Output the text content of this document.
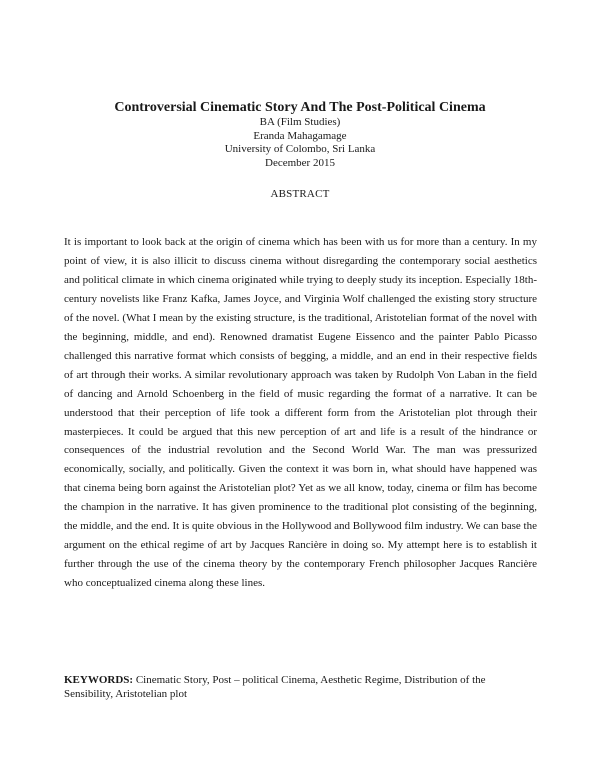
Controversial Cinematic Story And The Post-Political Cinema

BA (Film Studies)

Eranda Mahagamage

University of Colombo, Sri Lanka

December 2015

ABSTRACT

It is important to look back at the origin of cinema which has been with us for more than a century. In my point of view, it is also illicit to discuss cinema without disregarding the contemporary social aesthetics and political climate in which cinema originated while trying to deeply study its inception. Especially 18th-century novelists like Franz Kafka, James Joyce, and Virginia Wolf challenged the existing story structure of the novel. (What I mean by the existing structure, is the traditional, Aristotelian format of the novel with the beginning, middle, and end). Renowned dramatist Eugene Eissenco and the painter Pablo Picasso challenged this narrative format which consists of begging, a middle, and an end in their respective fields of art through their works. A similar revolutionary approach was taken by Rudolph Von Laban in the field of dancing and Arnold Schoenberg in the field of music regarding the format of a narrative. It can be understood that their perception of life took a different form from the Aristotelian plot through their masterpieces. It could be argued that this new perception of art and life is a result of the hindrance or consequences of the industrial revolution and the Second World War. The man was pressurized economically, socially, and politically. Given the context it was born in, what should have happened was that cinema being born against the Aristotelian plot? Yet as we all know, today, cinema or film has become the champion in the narrative. It has given prominence to the traditional plot consisting of the beginning, the middle, and the end. It is quite obvious in the Hollywood and Bollywood film industry. We can base the argument on the ethical regime of art by Jacques Rancière in doing so. My attempt here is to establish it further through the use of the cinema theory by the contemporary French philosopher Jacques Rancière who conceptualized cinema along these lines.

KEYWORDS: Cinematic Story, Post – political Cinema, Aesthetic Regime, Distribution of the Sensibility, Aristotelian plot
